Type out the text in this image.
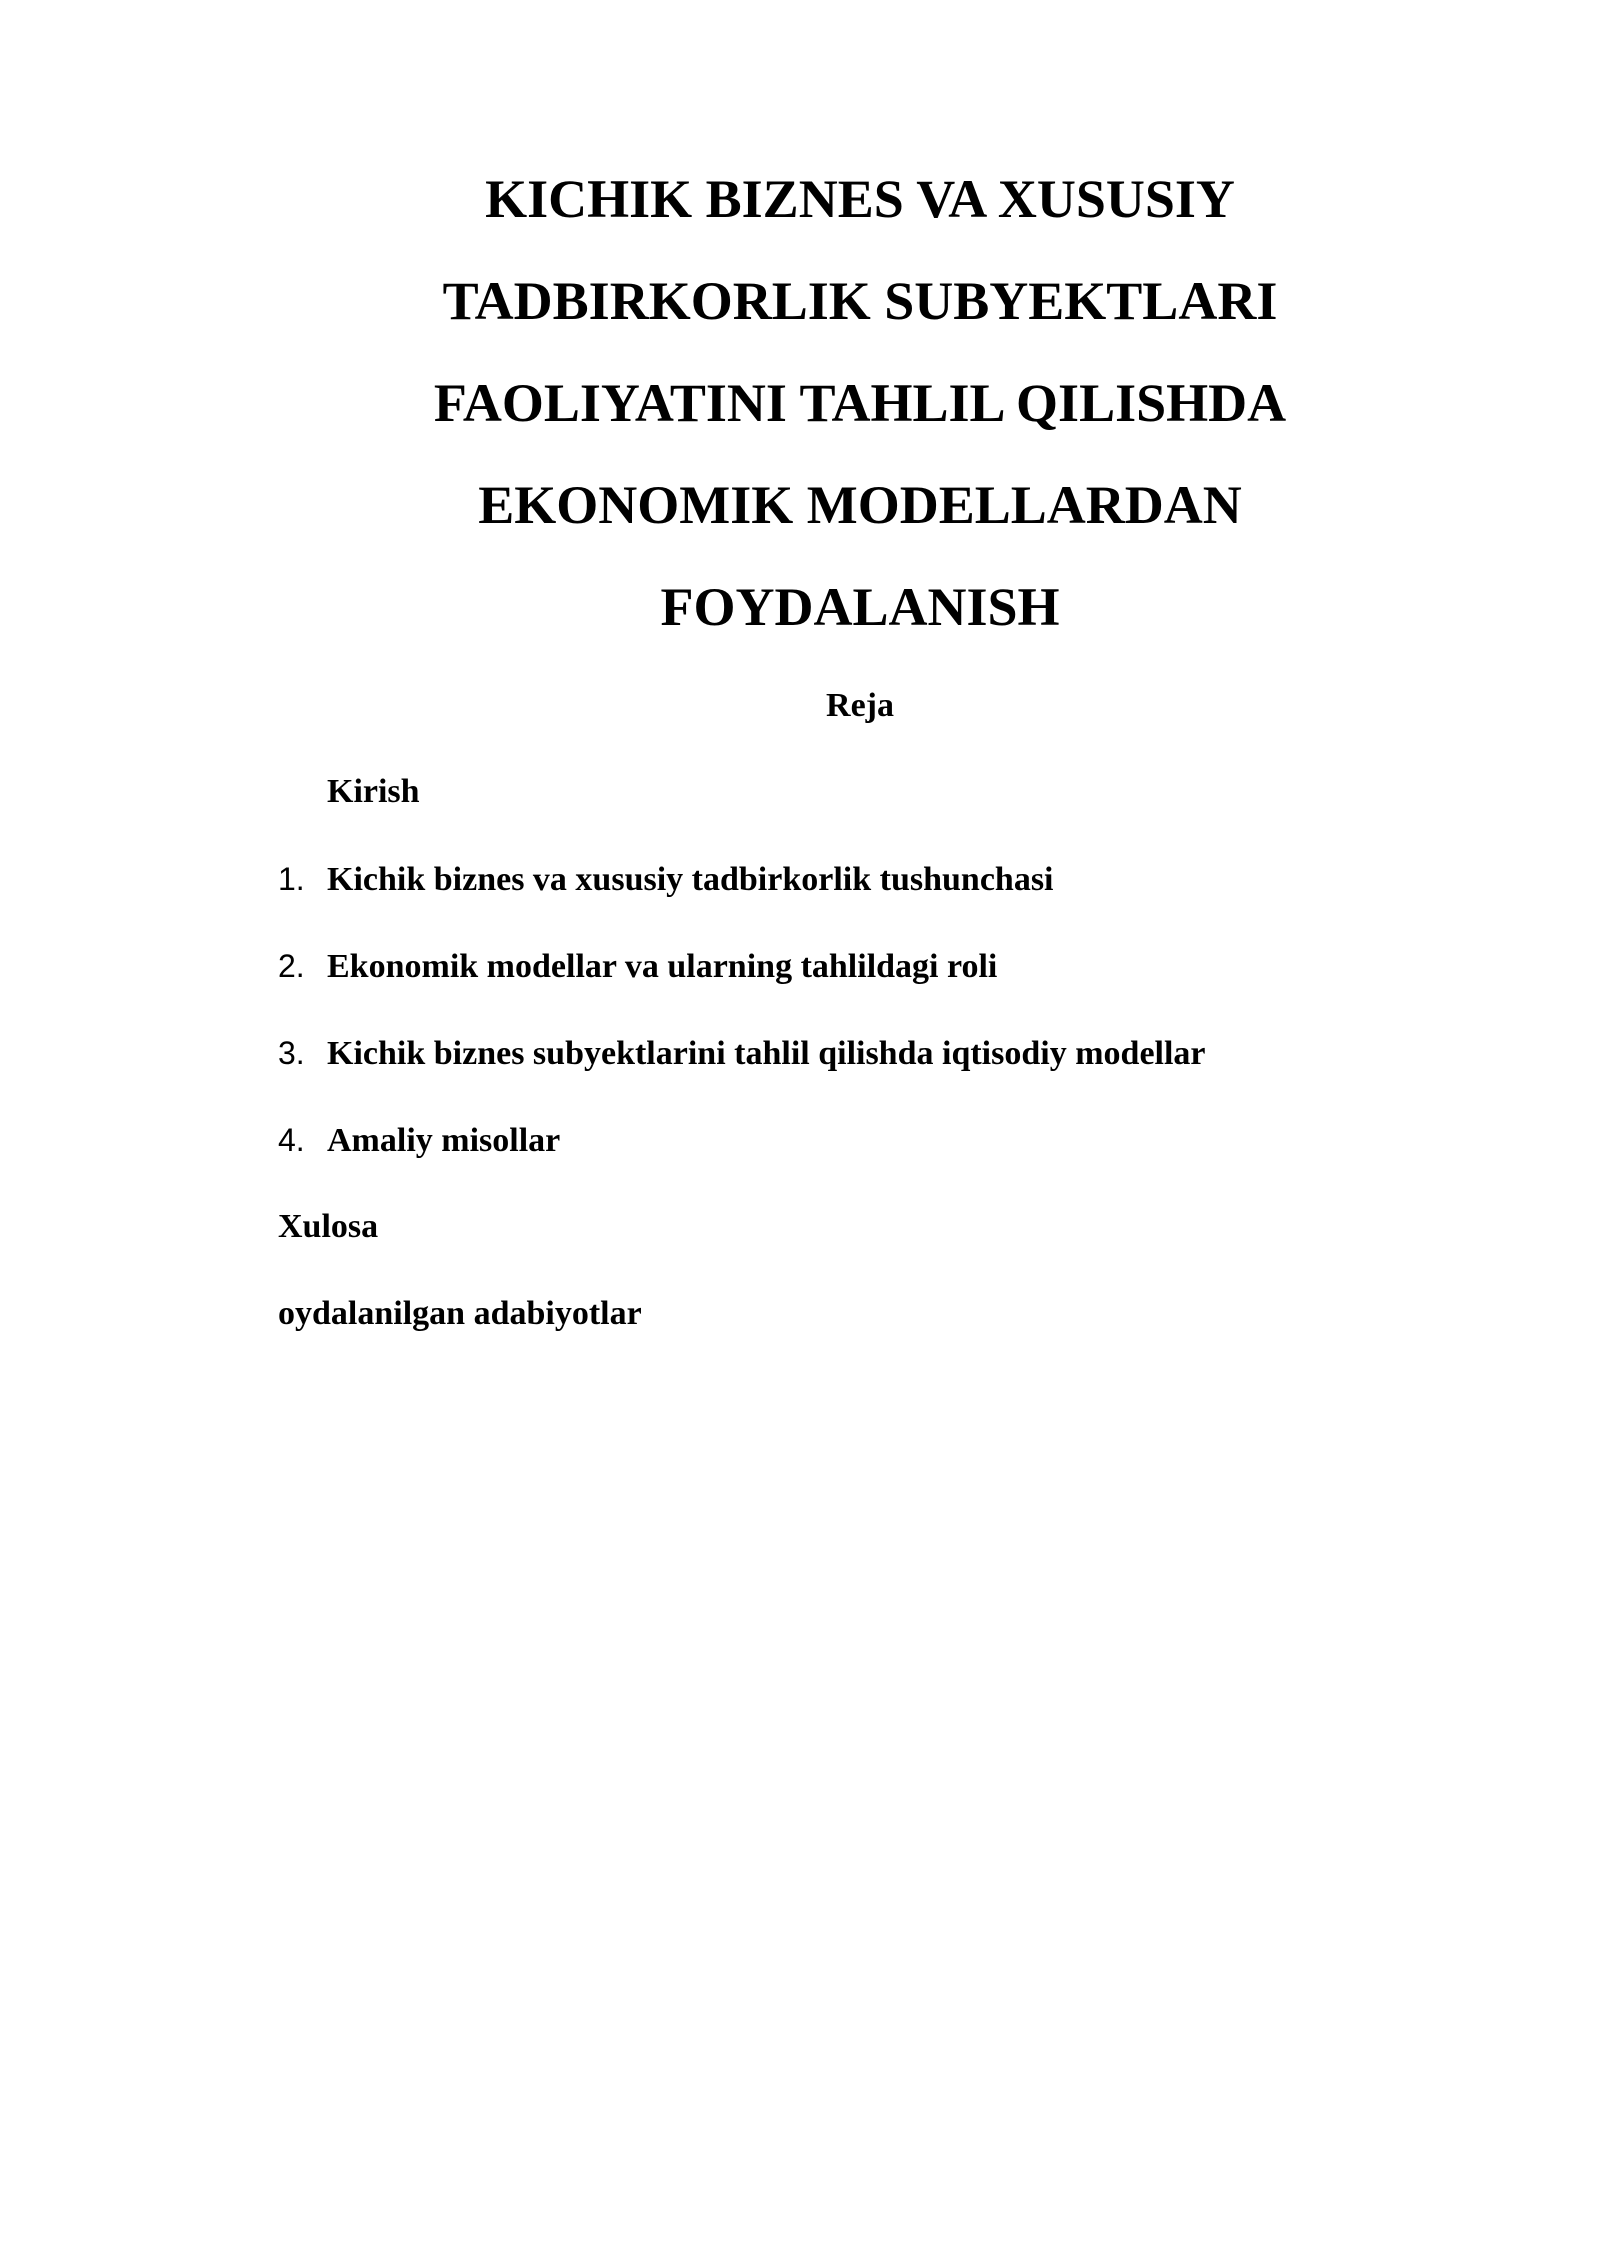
KICHIK BIZNES VA XUSUSIY
TADBIRKORLIK SUBYEKTLARI
FAOLIYATINI TAHLIL QILISHDA
EKONOMIK MODELLARDAN
FOYDALANISH

Reja

Kirish
1. Kichik biznes va xususiy tadbirkorlik tushunchasi
2. Ekonomik modellar va ularning tahlildagi roli
3. Kichik biznes subyektlarini tahlil qilishda iqtisodiy modellar
4. Amaliy misollar
Xulosa
oydalanilgan adabiyotlar
